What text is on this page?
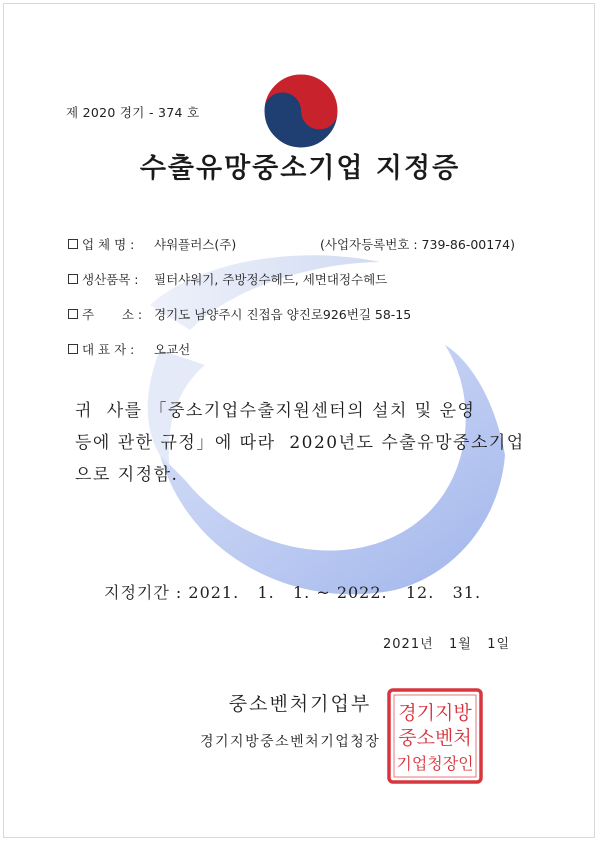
제 2020 경기 - 374 호
수출유망중소기업 지정증
업 체 명 : 샤워플러스(주)	(사업자등록번호 : 739-86-00174)
생산품목 : 필터샤워기, 주방정수헤드, 세면대정수헤드
주       소 : 경기도 남양주시 진접읍 양진로926번길 58-15
대 표 자 : 오교선
귀  사를 「중소기업수출지원센터의 설치 및 운영
등에 관한 규정」에 따라  2020년도 수출유망중소기업
으로 지정함.
지정기간 : 2021.   1.   1. ~ 2022.   12.   31.
2021년   1월   1일
중소벤처기업부
경기지방중소벤처기업청장
경기지방
중소벤처
기업청장인
